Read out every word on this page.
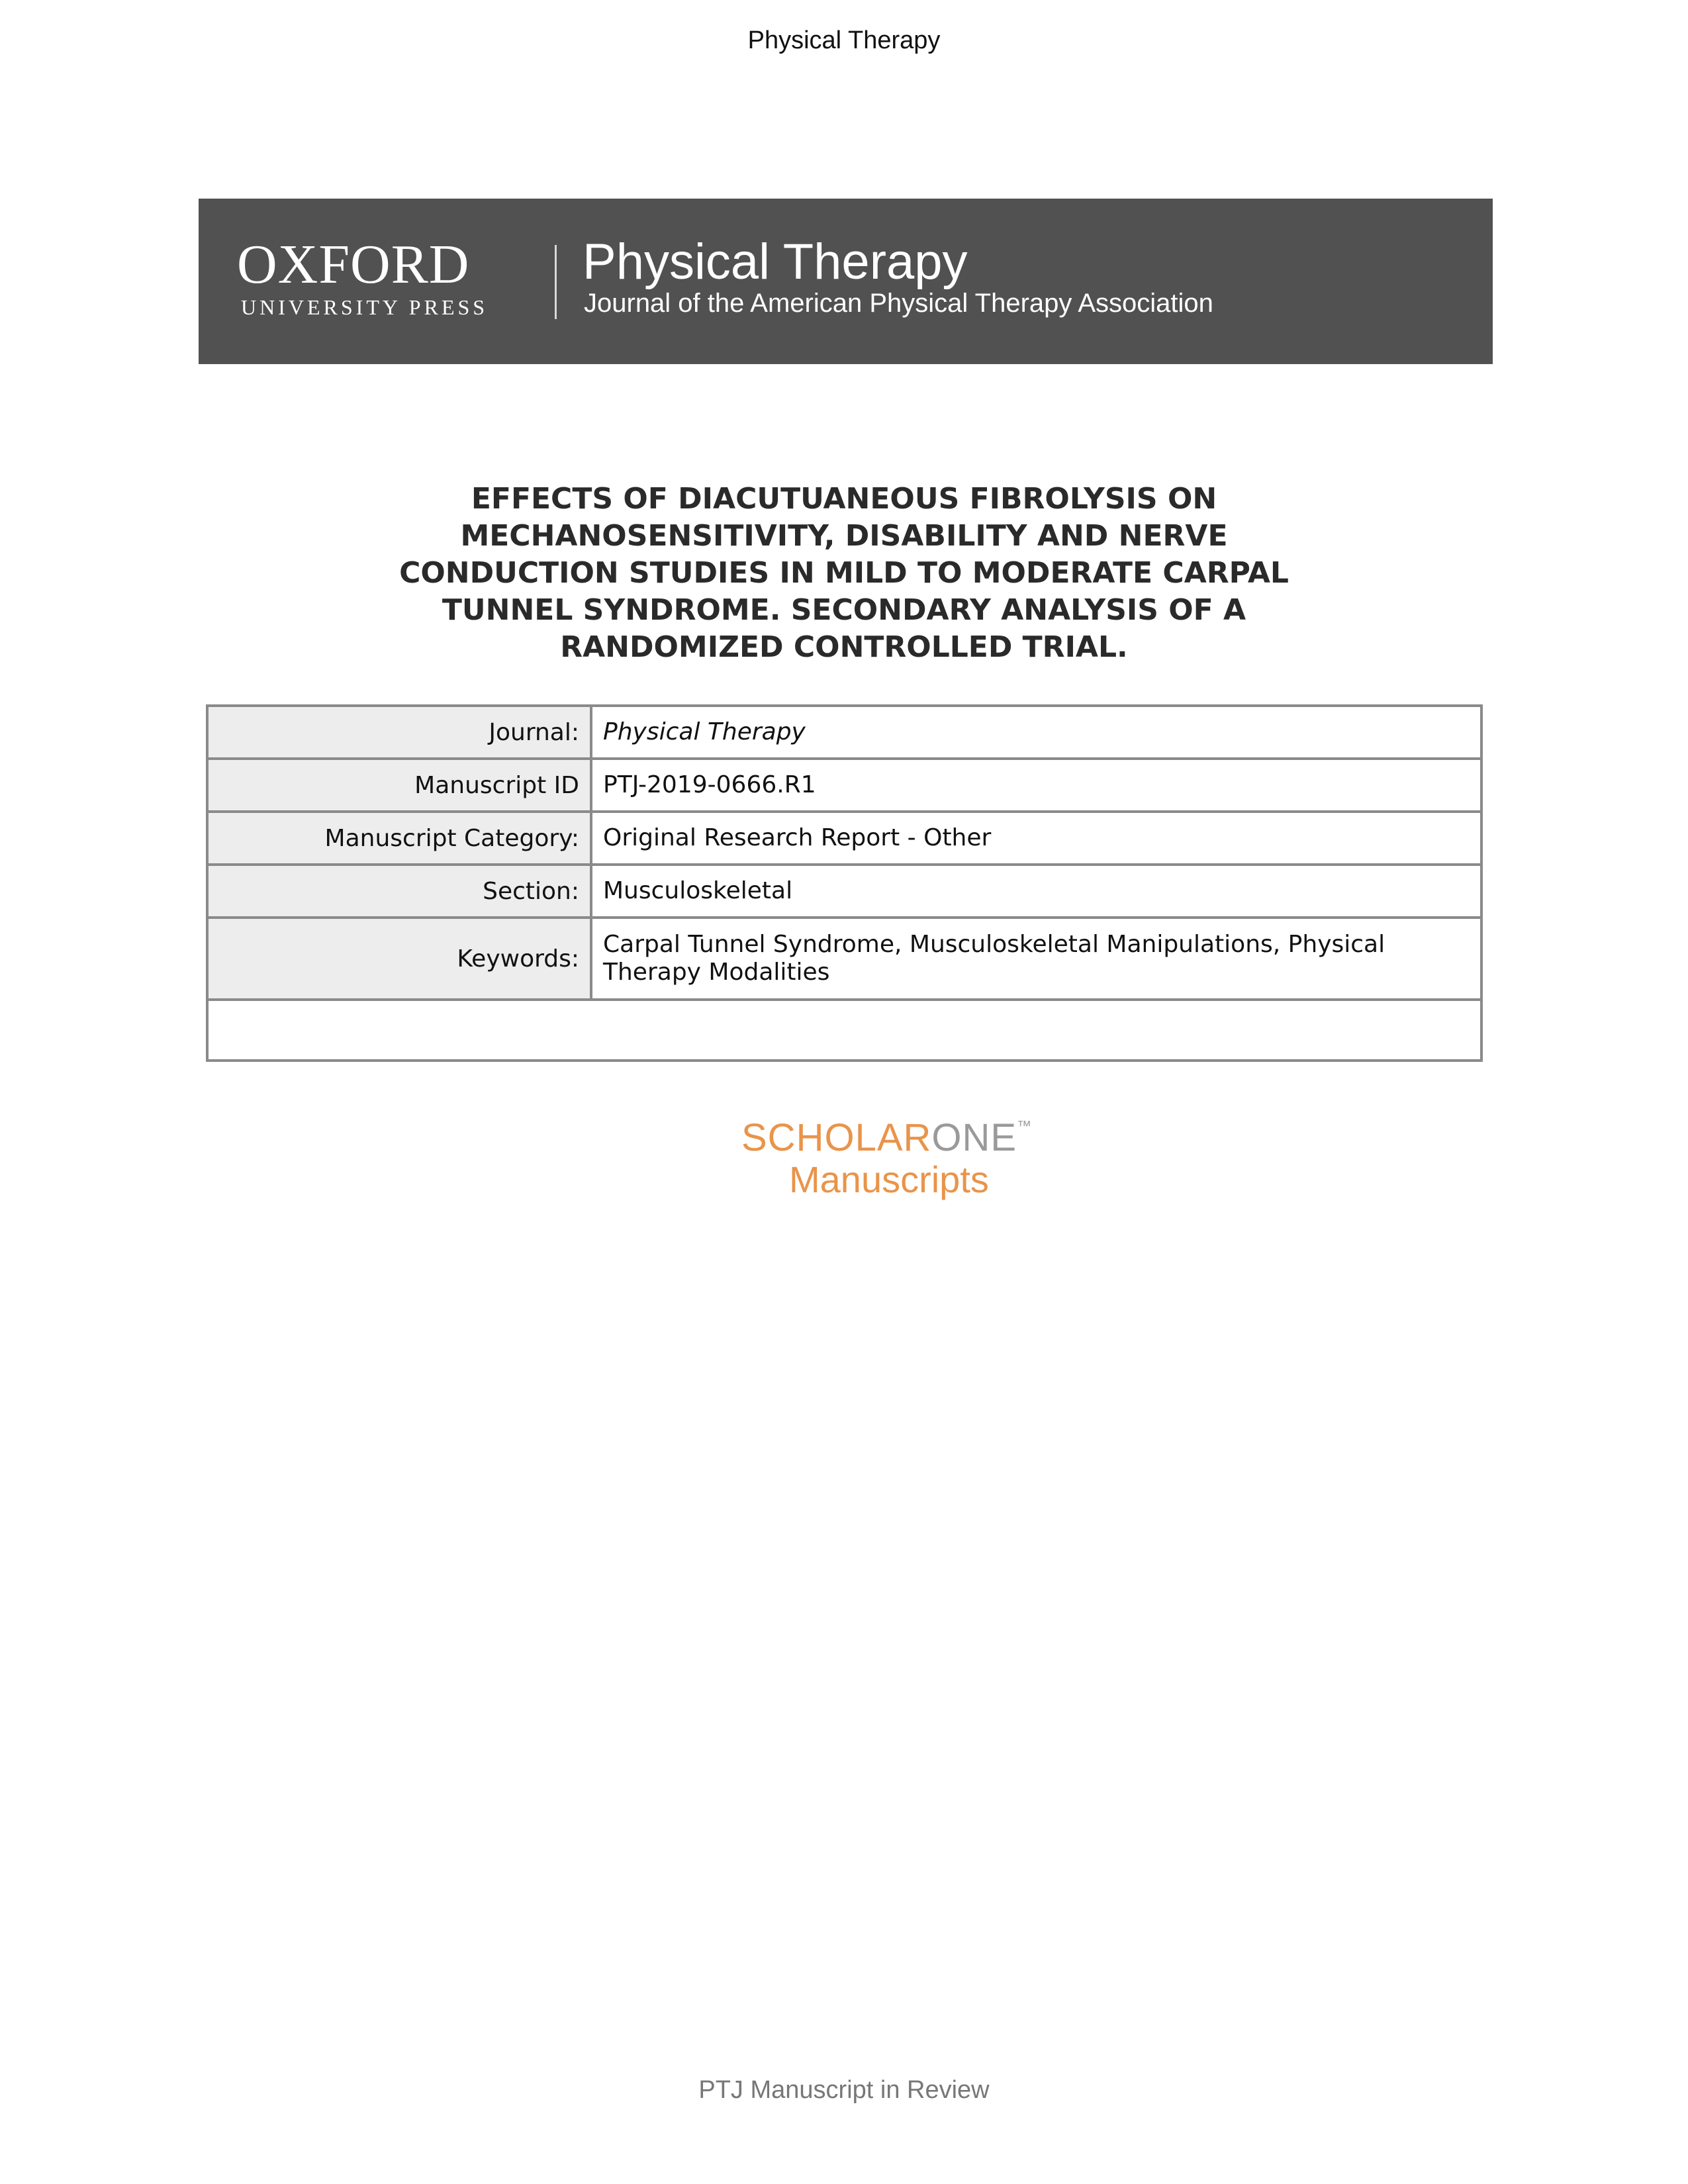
Physical Therapy
OXFORD
UNIVERSITY PRESS
Physical Therapy
Journal of the American Physical Therapy Association
EFFECTS OF DIACUTUANEOUS FIBROLYSIS ON
MECHANOSENSITIVITY, DISABILITY AND NERVE
CONDUCTION STUDIES IN MILD TO MODERATE CARPAL
TUNNEL SYNDROME. SECONDARY ANALYSIS OF A
RANDOMIZED CONTROLLED TRIAL.
Journal:	Physical Therapy
Manuscript ID	PTJ-2019-0666.R1
Manuscript Category:	Original Research Report - Other
Section:	Musculoskeletal
Keywords:	Carpal Tunnel Syndrome, Musculoskeletal Manipulations, Physical
Therapy Modalities

SCHOLARONE™
Manuscripts
PTJ Manuscript in Review
